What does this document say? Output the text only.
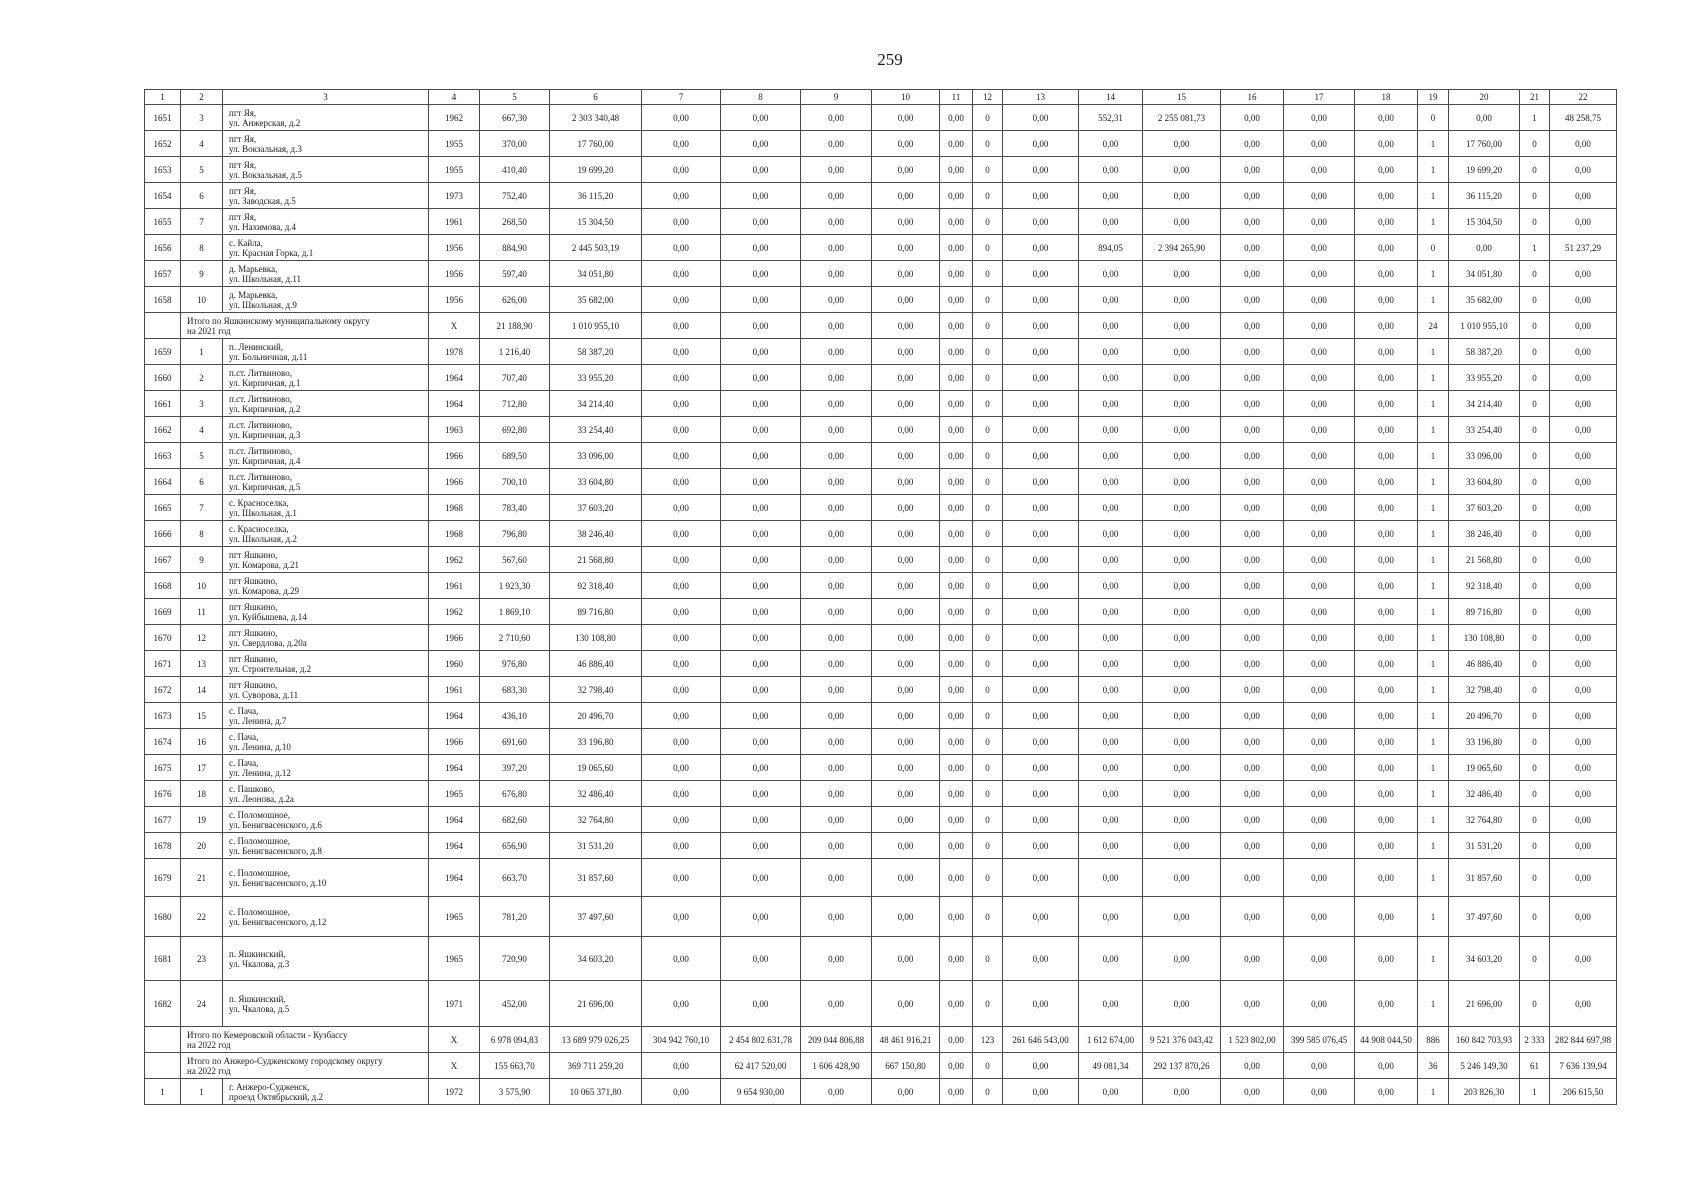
259
1	2	3	4	5	6	7	8	9	10	11	12	13	14	15	16	17	18	19	20	21	22
1651	3	пгт Яя,
ул. Анжерская, д.2	1962	667,30	2 303 340,48	0,00	0,00	0,00	0,00	0,00	0	0,00	552,31	2 255 081,73	0,00	0,00	0,00	0	0,00	1	48 258,75
1652	4	пгт Яя,
ул. Вокзальная, д.3	1955	370,00	17 760,00	0,00	0,00	0,00	0,00	0,00	0	0,00	0,00	0,00	0,00	0,00	0,00	1	17 760,00	0	0,00
1653	5	пгт Яя,
ул. Вокзальная, д.5	1955	410,40	19 699,20	0,00	0,00	0,00	0,00	0,00	0	0,00	0,00	0,00	0,00	0,00	0,00	1	19 699,20	0	0,00
1654	6	пгт Яя,
ул. Заводская, д.5	1973	752,40	36 115,20	0,00	0,00	0,00	0,00	0,00	0	0,00	0,00	0,00	0,00	0,00	0,00	1	36 115,20	0	0,00
1655	7	пгт Яя,
ул. Нахимова, д.4	1961	268,50	15 304,50	0,00	0,00	0,00	0,00	0,00	0	0,00	0,00	0,00	0,00	0,00	0,00	1	15 304,50	0	0,00
1656	8	с. Кайла,
ул. Красная Горка, д.1	1956	884,90	2 445 503,19	0,00	0,00	0,00	0,00	0,00	0	0,00	894,05	2 394 265,90	0,00	0,00	0,00	0	0,00	1	51 237,29
1657	9	д. Марьевка,
ул. Школьная, д.11	1956	597,40	34 051,80	0,00	0,00	0,00	0,00	0,00	0	0,00	0,00	0,00	0,00	0,00	0,00	1	34 051,80	0	0,00
1658	10	д. Марьевка,
ул. Школьная, д.9	1956	626,00	35 682,00	0,00	0,00	0,00	0,00	0,00	0	0,00	0,00	0,00	0,00	0,00	0,00	1	35 682,00	0	0,00

	Итого по Яшкинскому муниципальному округу
на 2021 год		X	21 188,90	1 010 955,10	0,00	0,00	0,00	0,00	0,00	0	0,00	0,00	0,00	0,00	0,00	0,00	24	1 010 955,10	0	0,00
1659	1	п. Ленинский,
ул. Больничная, д.11	1978	1 216,40	58 387,20	0,00	0,00	0,00	0,00	0,00	0	0,00	0,00	0,00	0,00	0,00	0,00	1	58 387,20	0	0,00
1660	2	п.ст. Литвиново,
ул. Кирпичная, д.1	1964	707,40	33 955,20	0,00	0,00	0,00	0,00	0,00	0	0,00	0,00	0,00	0,00	0,00	0,00	1	33 955,20	0	0,00
1661	3	п.ст. Литвиново,
ул. Кирпичная, д.2	1964	712,80	34 214,40	0,00	0,00	0,00	0,00	0,00	0	0,00	0,00	0,00	0,00	0,00	0,00	1	34 214,40	0	0,00
1662	4	п.ст. Литвиново,
ул. Кирпичная, д.3	1963	692,80	33 254,40	0,00	0,00	0,00	0,00	0,00	0	0,00	0,00	0,00	0,00	0,00	0,00	1	33 254,40	0	0,00
1663	5	п.ст. Литвиново,
ул. Кирпичная, д.4	1966	689,50	33 096,00	0,00	0,00	0,00	0,00	0,00	0	0,00	0,00	0,00	0,00	0,00	0,00	1	33 096,00	0	0,00
1664	6	п.ст. Литвиново,
ул. Кирпичная, д.5	1966	700,10	33 604,80	0,00	0,00	0,00	0,00	0,00	0	0,00	0,00	0,00	0,00	0,00	0,00	1	33 604,80	0	0,00
1665	7	с. Красноселка,
ул. Школьная, д.1	1968	783,40	37 603,20	0,00	0,00	0,00	0,00	0,00	0	0,00	0,00	0,00	0,00	0,00	0,00	1	37 603,20	0	0,00
1666	8	с. Красноселка,
ул. Школьная, д.2	1968	796,80	38 246,40	0,00	0,00	0,00	0,00	0,00	0	0,00	0,00	0,00	0,00	0,00	0,00	1	38 246,40	0	0,00
1667	9	пгт Яшкино,
ул. Комарова, д.21	1962	567,60	21 568,80	0,00	0,00	0,00	0,00	0,00	0	0,00	0,00	0,00	0,00	0,00	0,00	1	21 568,80	0	0,00
1668	10	пгт Яшкино,
ул. Комарова, д.29	1961	1 923,30	92 318,40	0,00	0,00	0,00	0,00	0,00	0	0,00	0,00	0,00	0,00	0,00	0,00	1	92 318,40	0	0,00
1669	11	пгт Яшкино,
ул. Куйбышева, д.14	1962	1 869,10	89 716,80	0,00	0,00	0,00	0,00	0,00	0	0,00	0,00	0,00	0,00	0,00	0,00	1	89 716,80	0	0,00
1670	12	пгт Яшкино,
ул. Свердлова, д.20а	1966	2 710,60	130 108,80	0,00	0,00	0,00	0,00	0,00	0	0,00	0,00	0,00	0,00	0,00	0,00	1	130 108,80	0	0,00
1671	13	пгт Яшкино,
ул. Строительная, д.2	1960	976,80	46 886,40	0,00	0,00	0,00	0,00	0,00	0	0,00	0,00	0,00	0,00	0,00	0,00	1	46 886,40	0	0,00
1672	14	пгт Яшкино,
ул. Суворова, д.11	1961	683,30	32 798,40	0,00	0,00	0,00	0,00	0,00	0	0,00	0,00	0,00	0,00	0,00	0,00	1	32 798,40	0	0,00
1673	15	с. Пача,
ул. Ленина, д.7	1964	436,10	20 496,70	0,00	0,00	0,00	0,00	0,00	0	0,00	0,00	0,00	0,00	0,00	0,00	1	20 496,70	0	0,00
1674	16	с. Пача,
ул. Ленина, д.10	1966	691,60	33 196,80	0,00	0,00	0,00	0,00	0,00	0	0,00	0,00	0,00	0,00	0,00	0,00	1	33 196,80	0	0,00
1675	17	с. Пача,
ул. Ленина, д.12	1964	397,20	19 065,60	0,00	0,00	0,00	0,00	0,00	0	0,00	0,00	0,00	0,00	0,00	0,00	1	19 065,60	0	0,00
1676	18	с. Пашково,
ул. Леонова, д.2а	1965	676,80	32 486,40	0,00	0,00	0,00	0,00	0,00	0	0,00	0,00	0,00	0,00	0,00	0,00	1	32 486,40	0	0,00
1677	19	с. Поломошное,
ул. Бенигвасенского, д.6	1964	682,60	32 764,80	0,00	0,00	0,00	0,00	0,00	0	0,00	0,00	0,00	0,00	0,00	0,00	1	32 764,80	0	0,00
1678	20	с. Поломошное,
ул. Бенигвасенского, д.8	1964	656,90	31 531,20	0,00	0,00	0,00	0,00	0,00	0	0,00	0,00	0,00	0,00	0,00	0,00	1	31 531,20	0	0,00
1679	21	с. Поломошное,
ул. Бенигвасенского, д.10	1964	663,70	31 857,60	0,00	0,00	0,00	0,00	0,00	0	0,00	0,00	0,00	0,00	0,00	0,00	1	31 857,60	0	0,00
1680	22	с. Поломошное,
ул. Бенигвасенского, д.12	1965	781,20	37 497,60	0,00	0,00	0,00	0,00	0,00	0	0,00	0,00	0,00	0,00	0,00	0,00	1	37 497,60	0	0,00
1681	23	п. Яшкинский,
ул. Чкалова, д.3	1965	720,90	34 603,20	0,00	0,00	0,00	0,00	0,00	0	0,00	0,00	0,00	0,00	0,00	0,00	1	34 603,20	0	0,00
1682	24	п. Яшкинский,
ул. Чкалова, д.5	1971	452,00	21 696,00	0,00	0,00	0,00	0,00	0,00	0	0,00	0,00	0,00	0,00	0,00	0,00	1	21 696,00	0	0,00

	Итого по Кемеровской области - Кузбассу
на 2022 год		X	6 978 094,83	13 689 979 026,25	304 942 760,10	2 454 802 631,78	209 044 806,88	48 461 916,21	0,00	123	261 646 543,00	1 612 674,00	9 521 376 043,42	1 523 802,00	399 585 076,45	44 908 044,50	886	160 842 703,93	2 333	282 844 697,98

	Итого по Анжеро-Судженскому городскому округу
на 2022 год		X	155 663,70	369 711 259,20	0,00	62 417 520,00	1 606 428,90	667 150,80	0,00	0	0,00	49 081,34	292 137 870,26	0,00	0,00	0,00	36	5 246 149,30	61	7 636 139,94
1	1	г. Анжеро-Судженск,
проезд Октябрьский, д.2	1972	3 575,90	10 065 371,80	0,00	9 654 930,00	0,00	0,00	0,00	0	0,00	0,00	0,00	0,00	0,00	0,00	1	203 826,30	1	206 615,50
